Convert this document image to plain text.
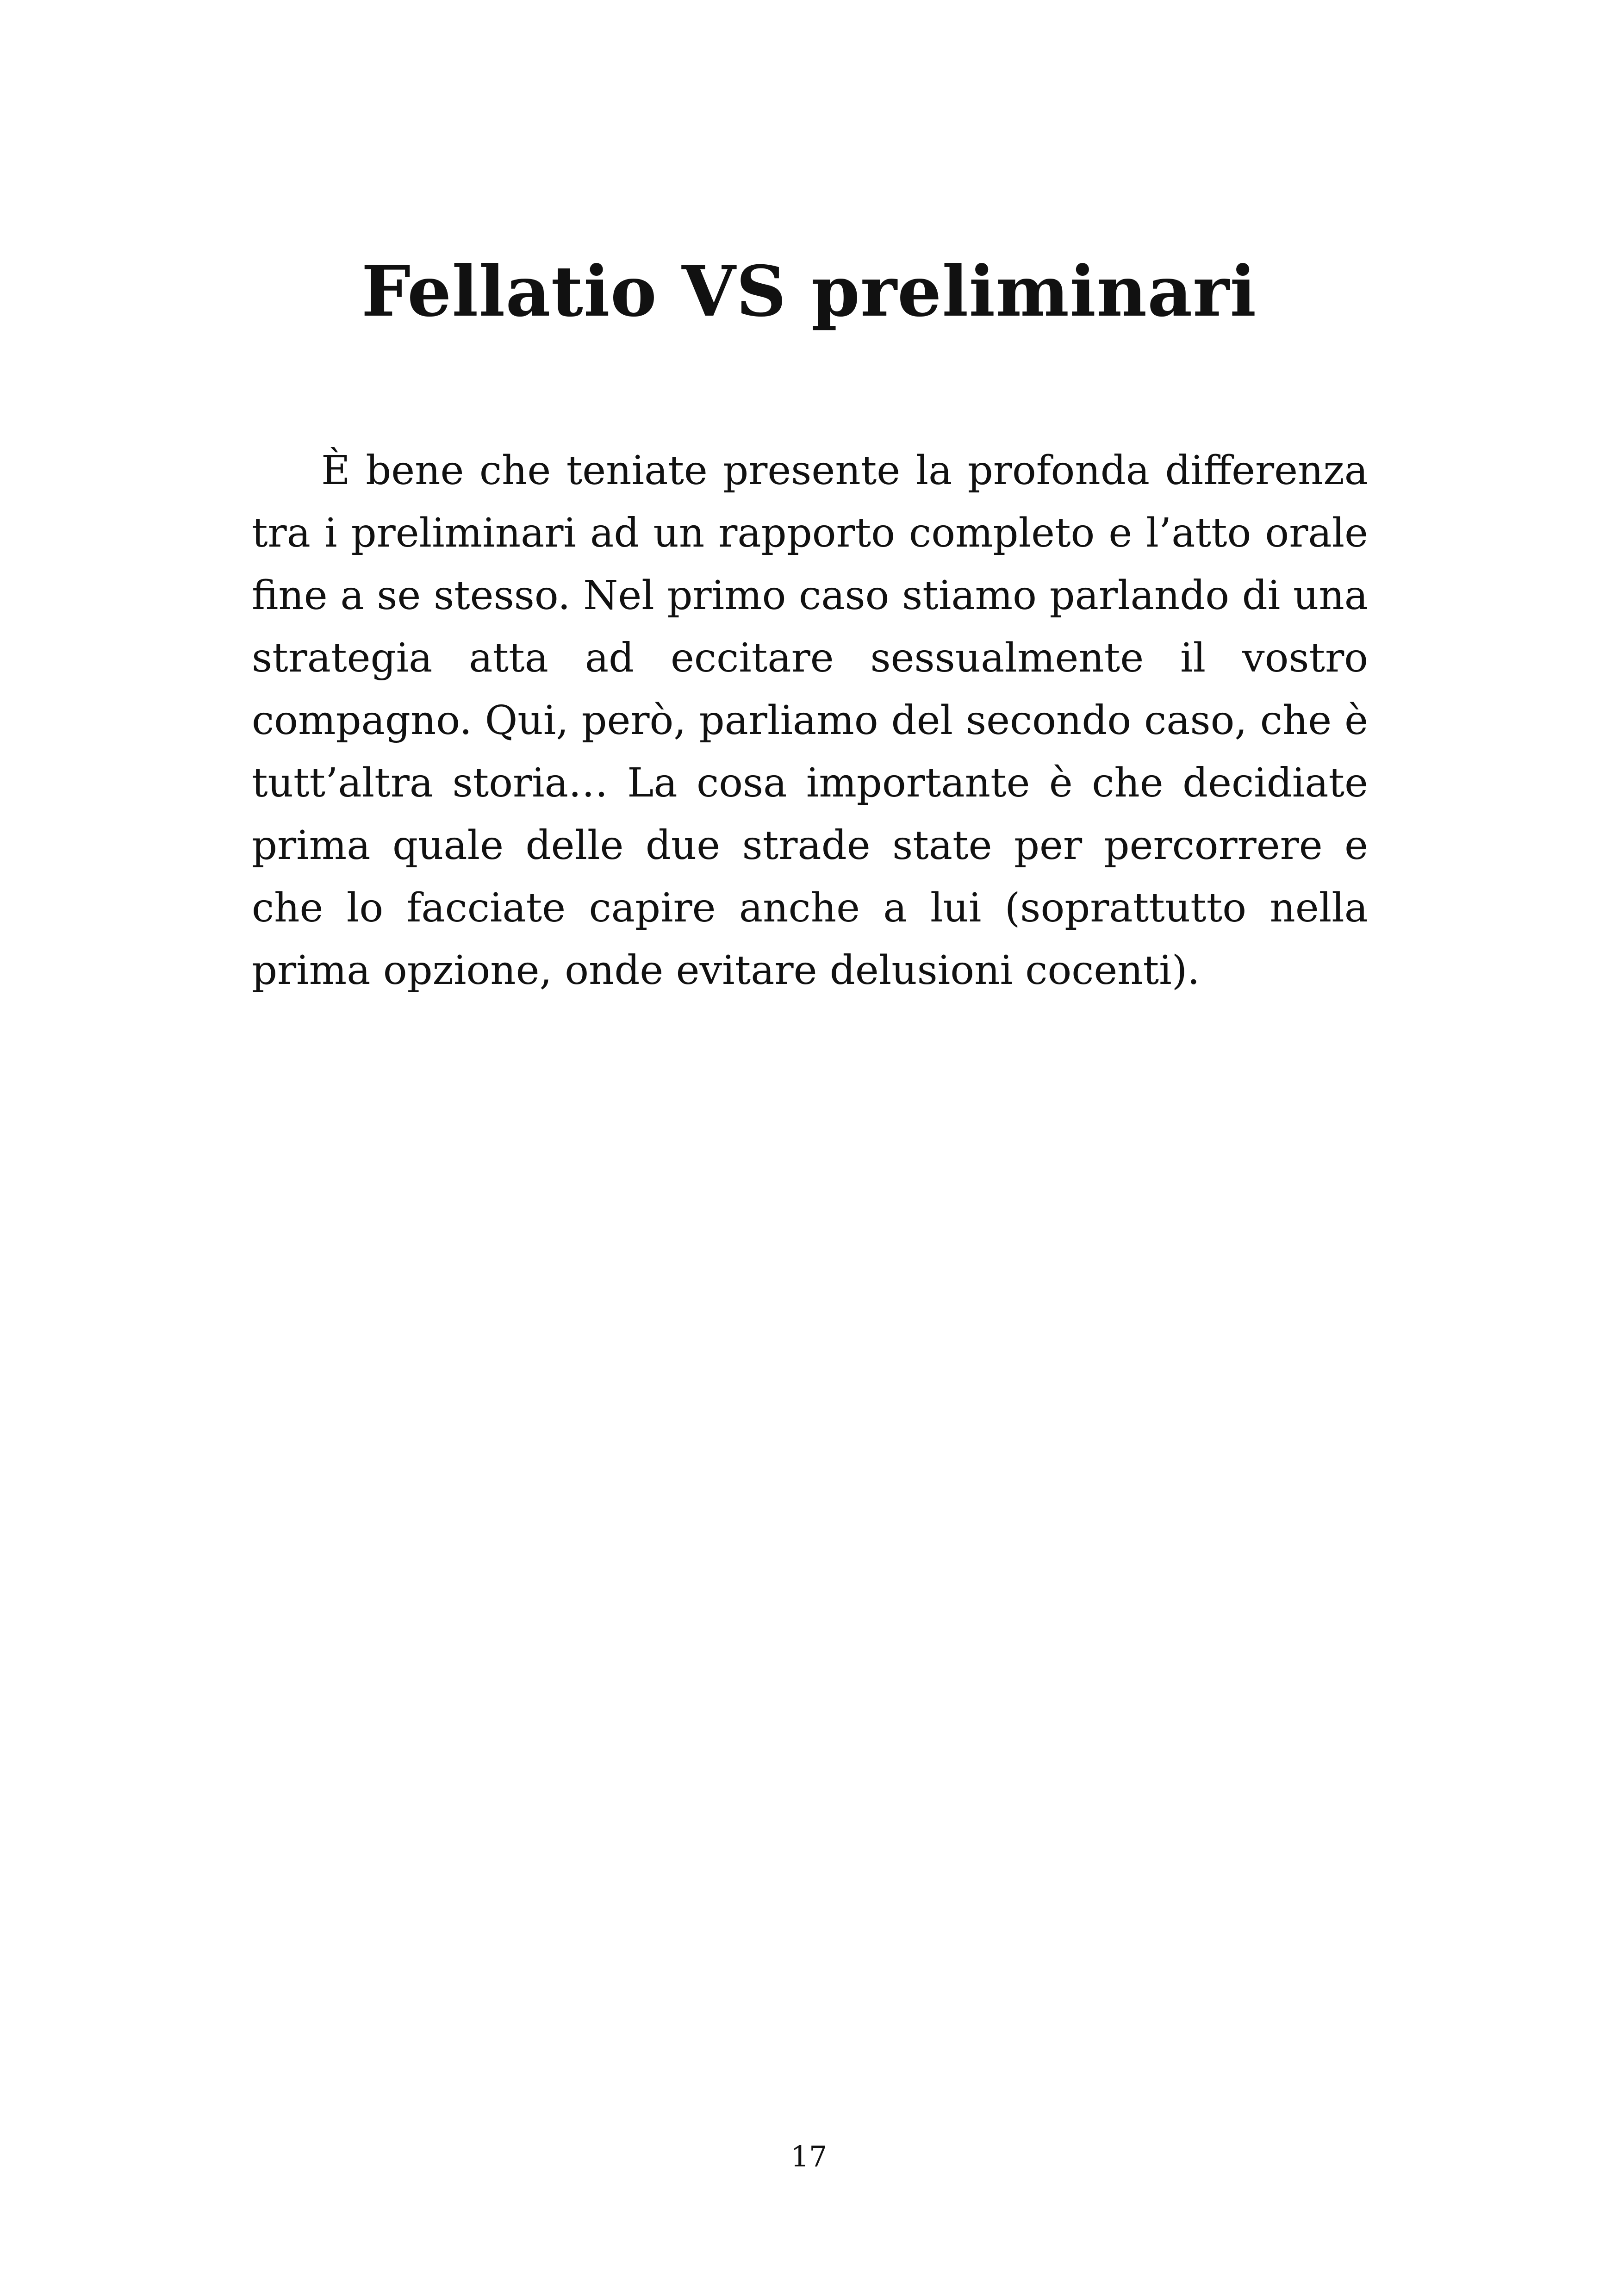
Fellatio VS preliminari

È bene che teniate presente la profonda differenza tra i preliminari ad un rapporto completo e l’atto orale fine a se stesso. Nel primo caso stiamo parlando di una strategia atta ad eccitare sessualmente il vostro compagno. Qui, però, parliamo del secondo caso, che è tutt’altra storia… La cosa importante è che decidiate prima quale delle due strade state per percorrere e che lo facciate capire anche a lui (soprattutto nella prima opzione, onde evitare delusioni cocenti).

17
